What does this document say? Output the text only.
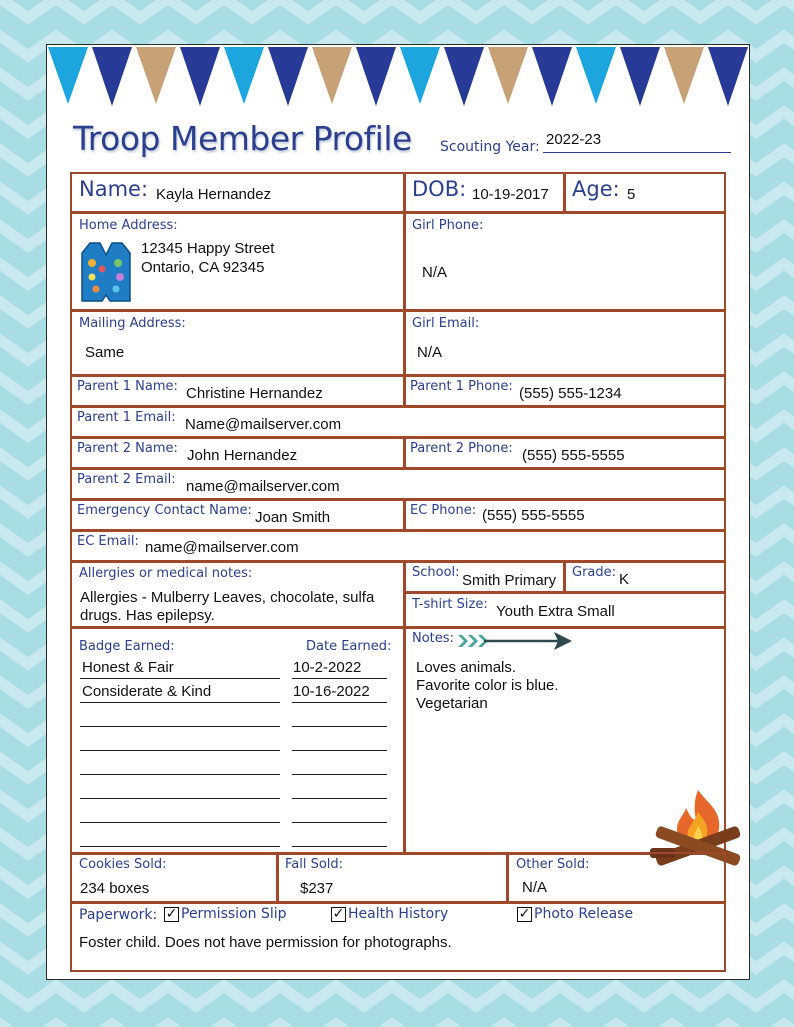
Troop Member Profile Scouting Year: 2022-23
Name: Kayla Hernandez	DOB: 10-19-2017 Age: 5
Home Address:
12345 Happy Street
Ontario, CA 92345
Girl Phone:
N/A
Mailing Address:
Same
Girl Email:
N/A
Parent 1 Name: Christine Hernandez	Parent 1 Phone: (555) 555-1234
Parent 1 Email: Name@mailserver.com
Parent 2 Name: John Hernandez	Parent 2 Phone: (555) 555-5555
Parent 2 Email: name@mailserver.com
Emergency Contact Name: Joan Smith	EC Phone: (555) 555-5555
EC Email: name@mailserver.com
Allergies or medical notes:
Allergies - Mulberry Leaves, chocolate, sulfa drugs. Has epilepsy.
School: Smith Primary Grade: K
T-shirt Size: Youth Extra Small
Badge Earned:	Date Earned:
Honest & Fair	10-2-2022
Considerate & Kind	10-16-2022
Notes:
Loves animals.
Favorite color is blue.
Vegetarian
Cookies Sold:
234 boxes
Fall Sold:
$237
Other Sold:
N/A
Paperwork: ✓ Permission Slip	✓ Health History	✓ Photo Release
Foster child. Does not have permission for photographs.
